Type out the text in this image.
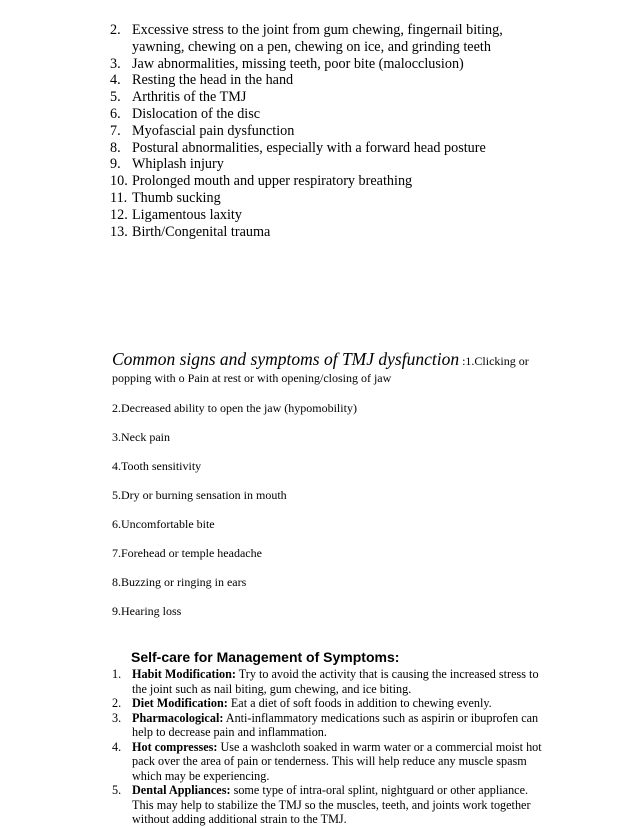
2. Excessive stress to the joint from gum chewing, fingernail biting, yawning, chewing on a pen, chewing on ice, and grinding teeth
3. Jaw abnormalities, missing teeth, poor bite (malocclusion)
4. Resting the head in the hand
5. Arthritis of the TMJ
6. Dislocation of the disc
7. Myofascial pain dysfunction
8. Postural abnormalities, especially with a forward head posture
9. Whiplash injury
10. Prolonged mouth and upper respiratory breathing
11. Thumb sucking
12. Ligamentous laxity
13. Birth/Congenital trauma
Common signs and symptoms of TMJ dysfunction :1.Clicking or popping with o Pain at rest or with opening/closing of jaw
2.Decreased ability to open the jaw (hypomobility)
3.Neck pain
4.Tooth sensitivity
5.Dry or burning sensation in mouth
6.Uncomfortable bite
7.Forehead or temple headache
8.Buzzing or ringing in ears
9.Hearing loss
Self-care for Management of Symptoms:
1. Habit Modification: Try to avoid the activity that is causing the increased stress to the joint such as nail biting, gum chewing, and ice biting.
2. Diet Modification: Eat a diet of soft foods in addition to chewing evenly.
3. Pharmacological: Anti-inflammatory medications such as aspirin or ibuprofen can help to decrease pain and inflammation.
4. Hot compresses: Use a washcloth soaked in warm water or a commercial moist hot pack over the area of pain or tenderness. This will help reduce any muscle spasm which may be experiencing.
5. Dental Appliances: some type of intra-oral splint, nightguard or other appliance. This may help to stabilize the TMJ so the muscles, teeth, and joints work together without adding additional strain to the TMJ.
